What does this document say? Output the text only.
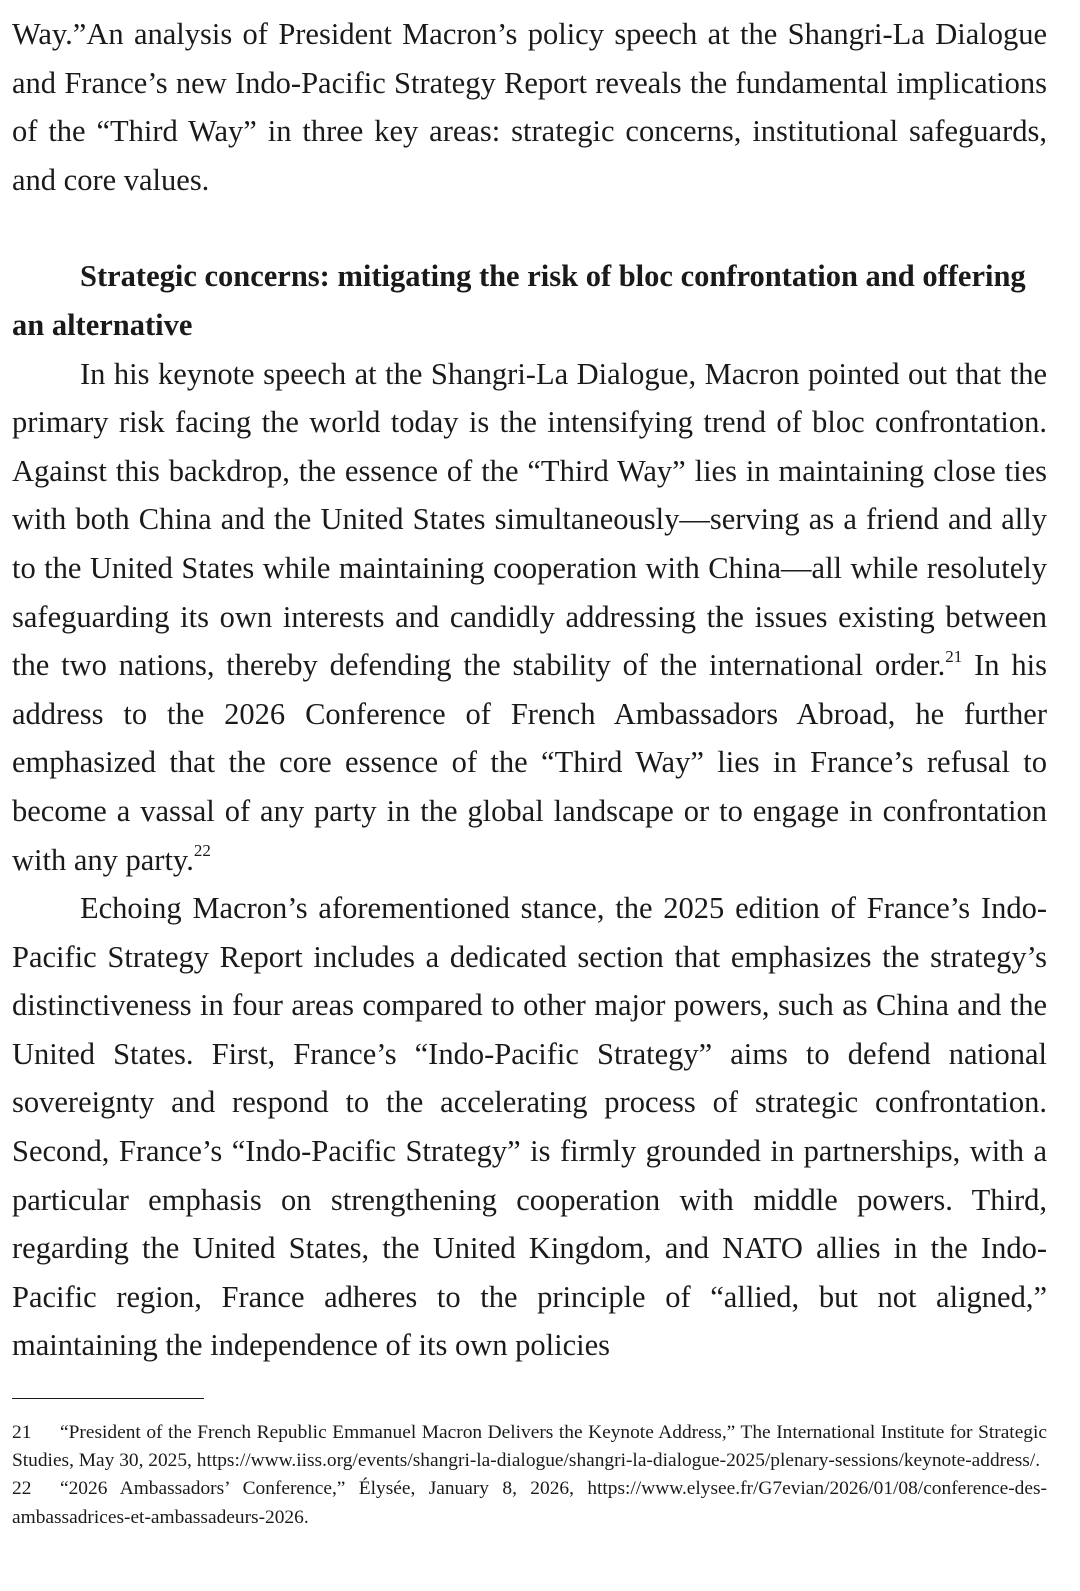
Way.”An analysis of President Macron’s policy speech at the Shangri-La Dialogue and France’s new Indo-Pacific Strategy Report reveals the fundamental implications of the “Third Way” in three key areas: strategic concerns, institutional safeguards, and core values.

Strategic concerns: mitigating the risk of bloc confrontation and offering an alternative

In his keynote speech at the Shangri-La Dialogue, Macron pointed out that the primary risk facing the world today is the intensifying trend of bloc confrontation. Against this backdrop, the essence of the “Third Way” lies in maintaining close ties with both China and the United States simultaneously—serving as a friend and ally to the United States while maintaining cooperation with China—all while resolutely safeguarding its own interests and candidly addressing the issues existing between the two nations, thereby defending the stability of the international order.$^{21}$ In his address to the 2026 Conference of French Ambassadors Abroad, he further emphasized that the core essence of the “Third Way” lies in France’s refusal to become a vassal of any party in the global landscape or to engage in confrontation with any party.$^{22}$

Echoing Macron’s aforementioned stance, the 2025 edition of France’s Indo-Pacific Strategy Report includes a dedicated section that emphasizes the strategy’s distinctiveness in four areas compared to other major powers, such as China and the United States. First, France’s “Indo-Pacific Strategy” aims to defend national sovereignty and respond to the accelerating process of strategic confrontation. Second, France’s “Indo-Pacific Strategy” is firmly grounded in partnerships, with a particular emphasis on strengthening cooperation with middle powers. Third, regarding the United States, the United Kingdom, and NATO allies in the Indo-Pacific region, France adheres to the principle of “allied, but not aligned,” maintaining the independence of its own policies

21 “President of the French Republic Emmanuel Macron Delivers the Keynote Address,” The International Institute for Strategic Studies, May 30, 2025, https://www.iiss.org/events/shangri-la-dialogue/shangri-la-dialogue-2025/plenary-sessions/keynote-address/.

22 “2026 Ambassadors’ Conference,” Élysée, January 8, 2026, https://www.elysee.fr/G7evian/2026/01/08/conference-des-ambassadrices-et-ambassadeurs-2026.
